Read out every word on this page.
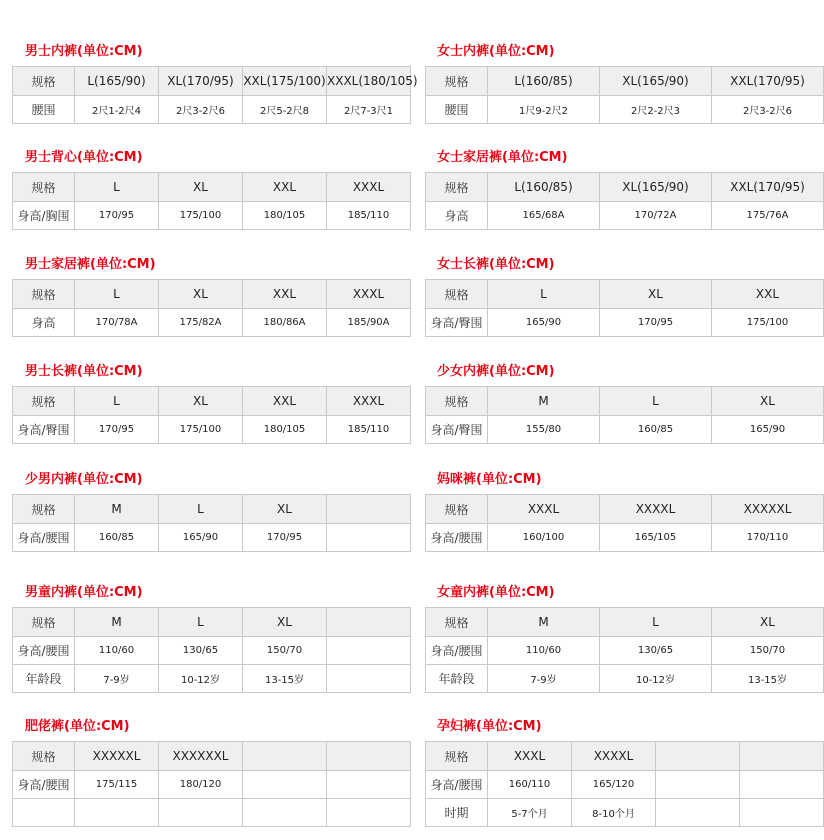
男士内裤(单位:CM)
规格	L(165/90)	XL(170/95)	XXL(175/100)	XXXL(180/105)
腰围	2尺1-2尺4	2尺3-2尺6	2尺5-2尺8	2尺7-3尺1
女士内裤(单位:CM)
规格	L(160/85)	XL(165/90)	XXL(170/95)
腰围	1尺9-2尺2	2尺2-2尺3	2尺3-2尺6
男士背心(单位:CM)
规格	L	XL	XXL	XXXL
身高/胸围	170/95	175/100	180/105	185/110
女士家居裤(单位:CM)
规格	L(160/85)	XL(165/90)	XXL(170/95)
身高	165/68A	170/72A	175/76A
男士家居裤(单位:CM)
规格	L	XL	XXL	XXXL
身高	170/78A	175/82A	180/86A	185/90A
女士长裤(单位:CM)
规格	L	XL	XXL
身高/臀围	165/90	170/95	175/100
男士长裤(单位:CM)
规格	L	XL	XXL	XXXL
身高/臀围	170/95	175/100	180/105	185/110
少女内裤(单位:CM)
规格	M	L	XL
身高/臀围	155/80	160/85	165/90
少男内裤(单位:CM)
规格	M	L	XL	
身高/腰围	160/85	165/90	170/95	
妈咪裤(单位:CM)
规格	XXXL	XXXXL	XXXXXL
身高/腰围	160/100	165/105	170/110
男童内裤(单位:CM)
规格	M	L	XL	
身高/腰围	110/60	130/65	150/70	
年龄段	7-9岁	10-12岁	13-15岁	
女童内裤(单位:CM)
规格	M	L	XL
身高/腰围	110/60	130/65	150/70
年龄段	7-9岁	10-12岁	13-15岁
肥佬裤(单位:CM)
规格	XXXXXL	XXXXXXL		
身高/腰围	175/115	180/120		

孕妇裤(单位:CM)
规格	XXXL	XXXXL		
身高/腰围	160/110	165/120		
时期	5-7个月	8-10个月		
